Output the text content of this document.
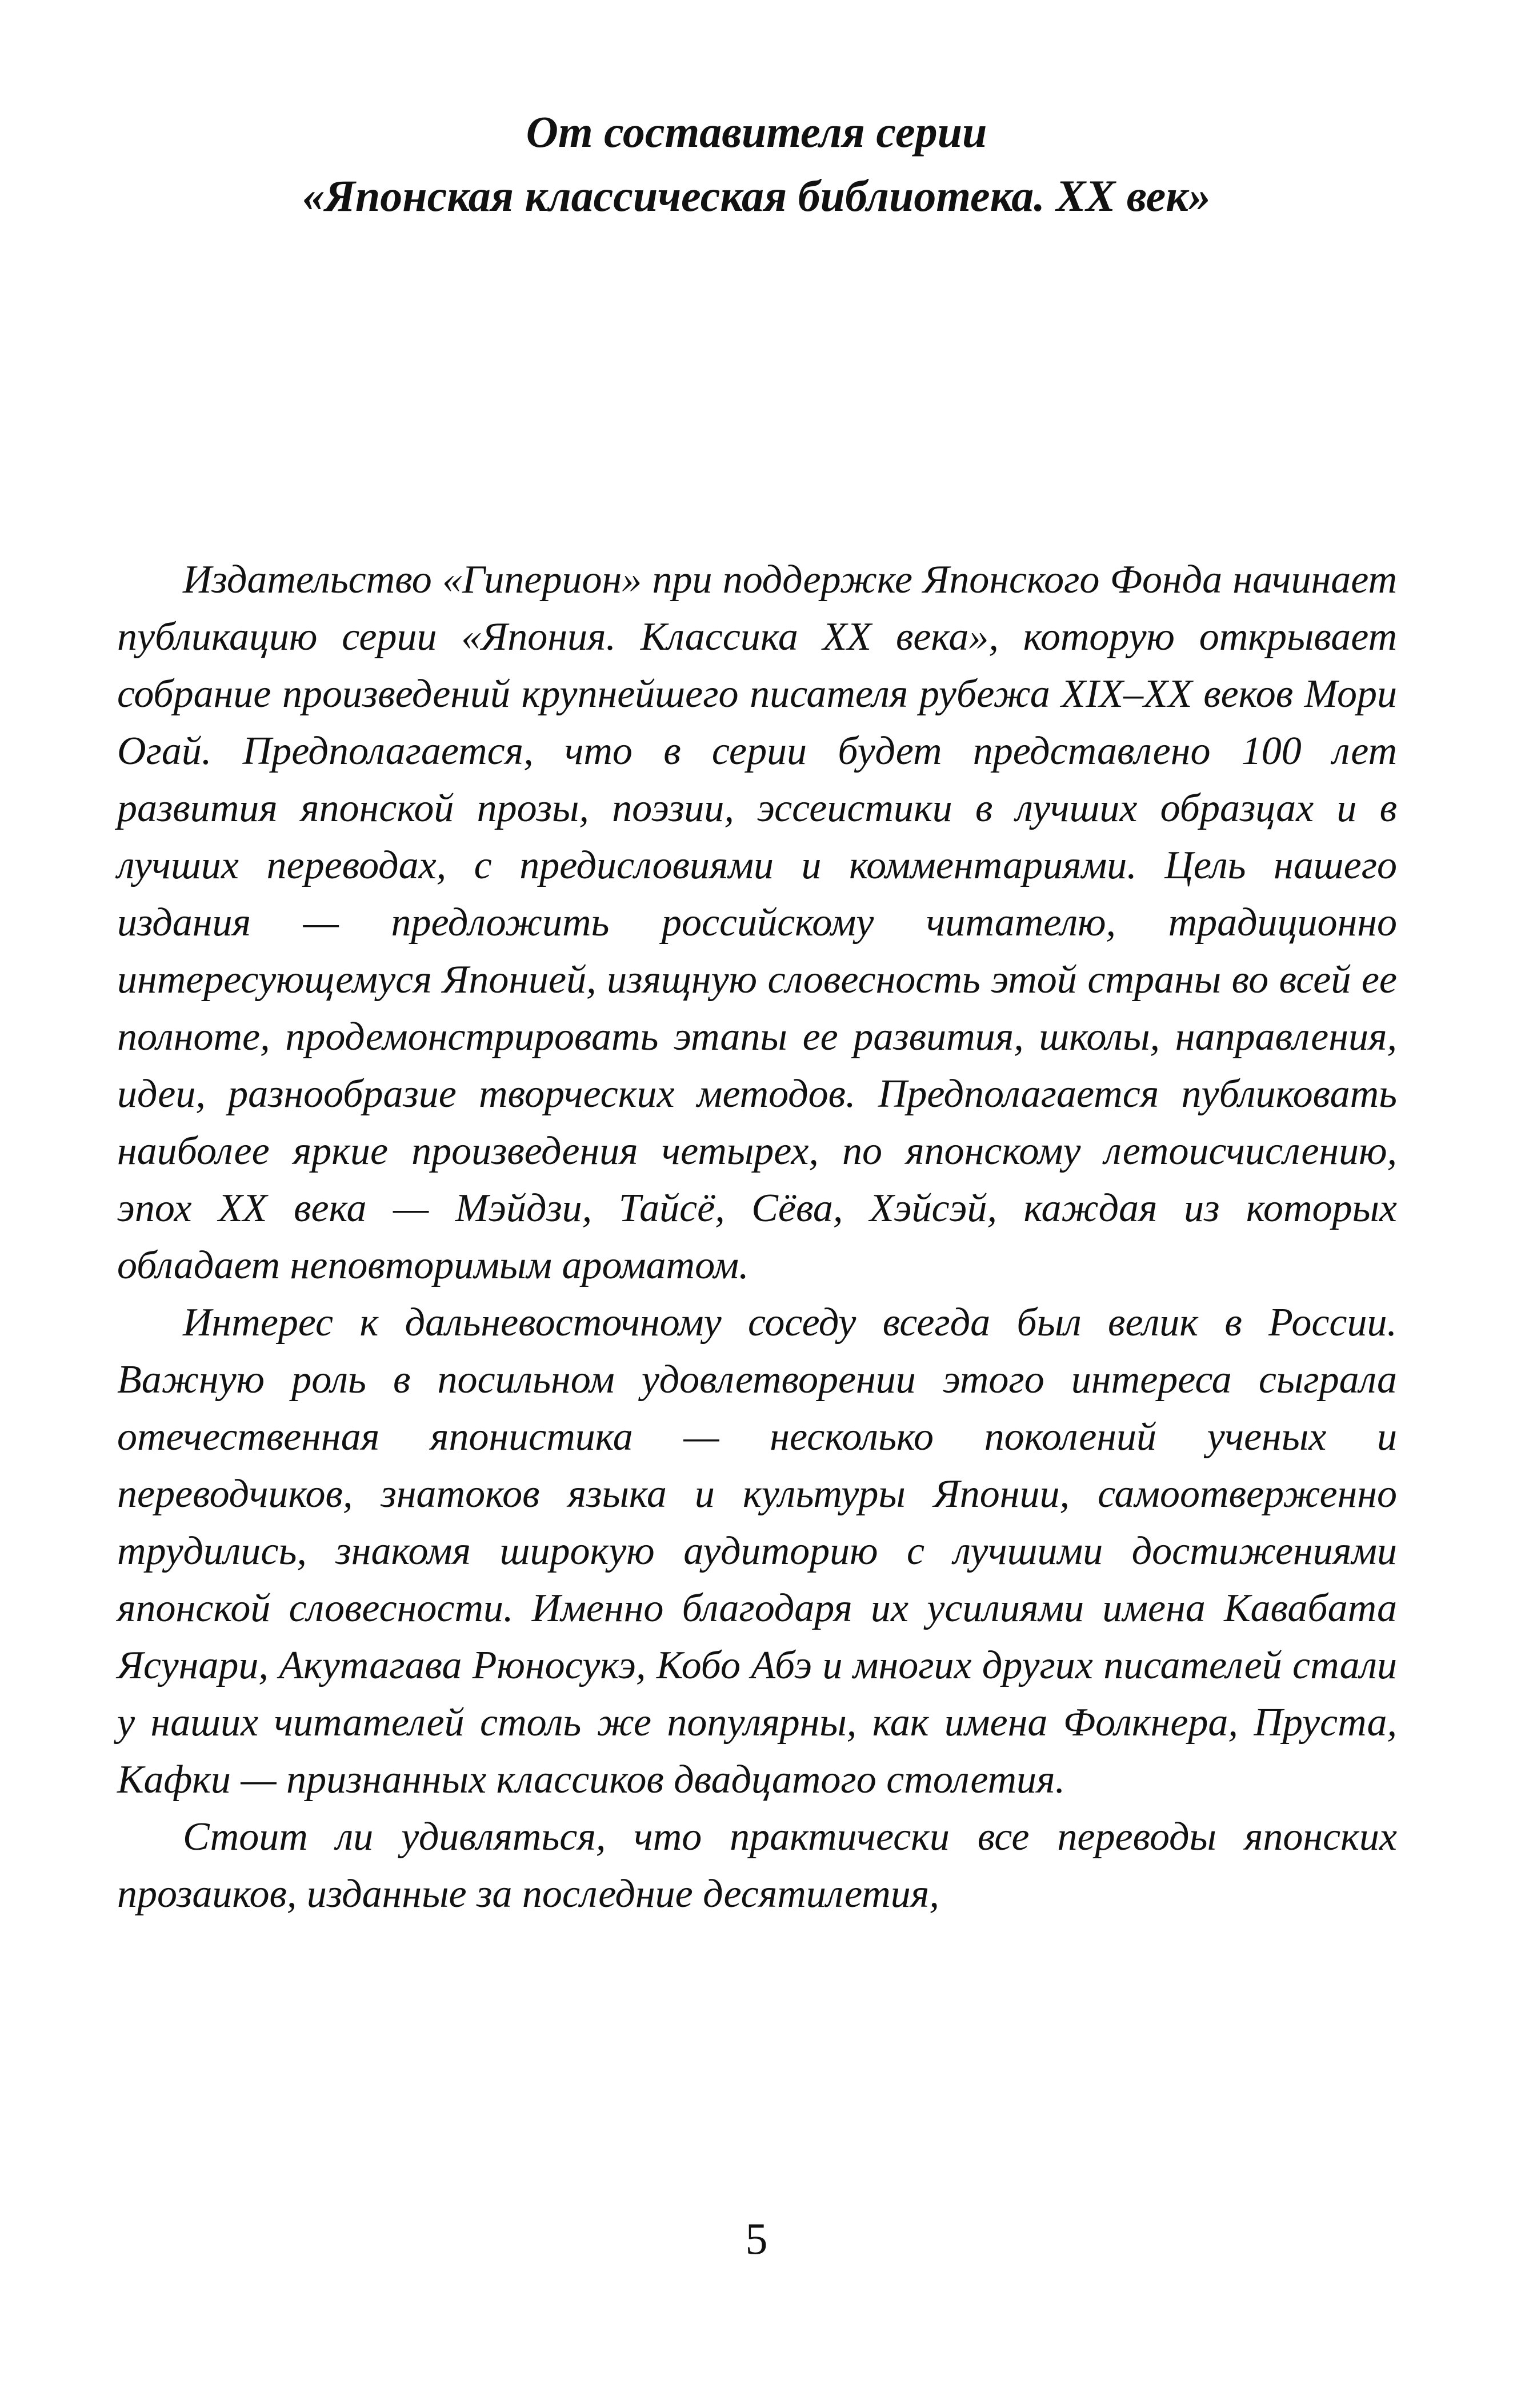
От составителя серии
«Японская классическая библиотека. XX век»

Издательство «Гиперион» при поддержке Японского Фонда начинает публикацию серии «Япония. Классика XX века», которую открывает собрание произведений крупнейшего писателя рубежа XIX–XX веков Мори Огай. Предполагается, что в серии будет представлено 100 лет развития японской прозы, поэзии, эссеистики в лучших образцах и в лучших переводах, с предисловиями и комментариями. Цель нашего издания — предложить российскому читателю, традиционно интересующемуся Японией, изящную словесность этой страны во всей ее полноте, продемонстрировать этапы ее развития, школы, направления, идеи, разнообразие творческих методов. Предполагается публиковать наиболее яркие произведения четырех, по японскому летоисчислению, эпох XX века — Мэйдзи, Тайсё, Сёва, Хэйсэй, каждая из которых обладает неповторимым ароматом.

Интерес к дальневосточному соседу всегда был велик в России. Важную роль в посильном удовлетворении этого интереса сыграла отечественная японистика — несколько поколений ученых и переводчиков, знатоков языка и культуры Японии, самоотверженно трудились, знакомя широкую аудиторию с лучшими достижениями японской словесности. Именно благодаря их усилиями имена Кавабата Ясунари, Акутагава Рюносукэ, Кобо Абэ и многих других писателей стали у наших читателей столь же популярны, как имена Фолкнера, Пруста, Кафки — признанных классиков двадцатого столетия.

Стоит ли удивляться, что практически все переводы японских прозаиков, изданные за последние десятилетия,

5
